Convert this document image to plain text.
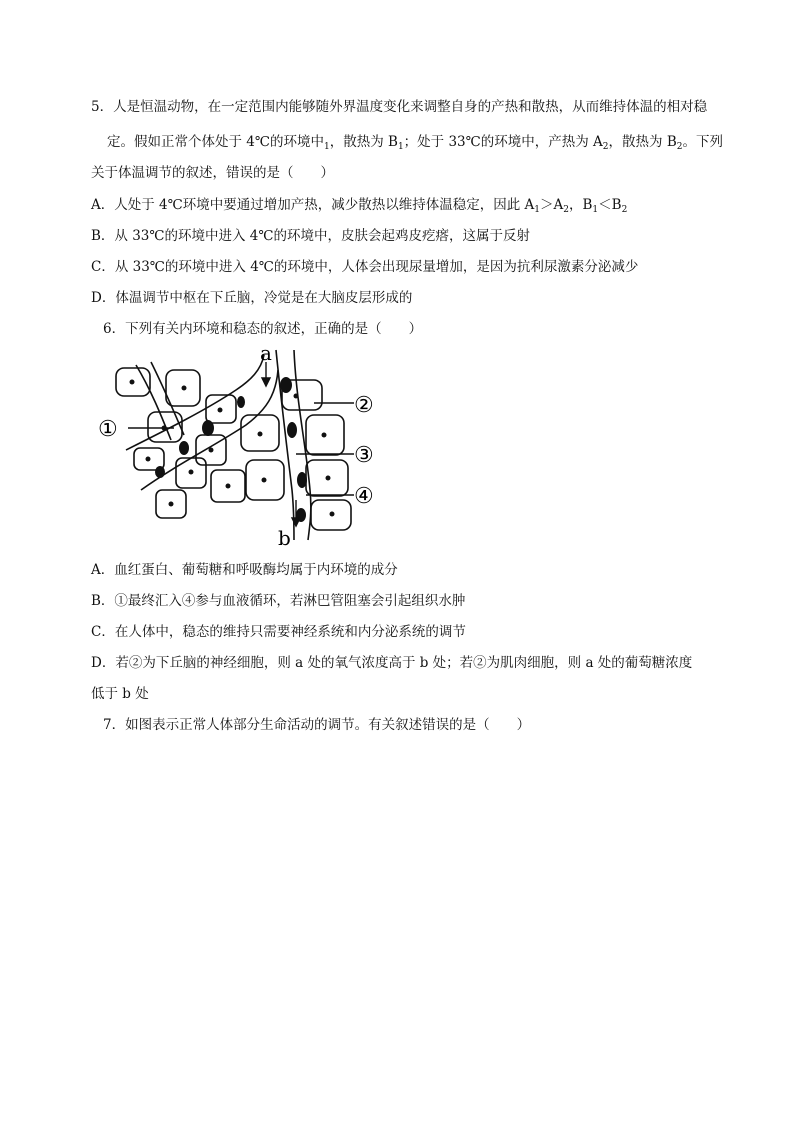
5．人是恒温动物，在一定范围内能够随外界温度变化来调整自身的产热和散热，从而维持体温的相对稳
定。假如正常个体处于 4℃的环境中$_1$，散热为 $B_1$；处于 33℃的环境中，产热为 $A_2$，散热为 $B_2$。下列
关于体温调节的叙述，错误的是（　　）
A．人处于 4℃环境中要通过增加产热，减少散热以维持体温稳定，因此 $A_1>A_2$，$B_1<B_2$
B．从 33℃的环境中进入 4℃的环境中，皮肤会起鸡皮疙瘩，这属于反射
C．从 33℃的环境中进入 4℃的环境中，人体会出现尿量增加，是因为抗利尿激素分泌减少
D．体温调节中枢在下丘脑，冷觉是在大脑皮层形成的
6．下列有关内环境和稳态的叙述，正确的是（　　）
a
b
①
②
③
④
A．血红蛋白、葡萄糖和呼吸酶均属于内环境的成分
B．①最终汇入④参与血液循环，若淋巴管阻塞会引起组织水肿
C．在人体中，稳态的维持只需要神经系统和内分泌系统的调节
D．若②为下丘脑的神经细胞，则 a 处的氧气浓度高于 b 处；若②为肌肉细胞，则 a 处的葡萄糖浓度
低于 b 处
7．如图表示正常人体部分生命活动的调节。有关叙述错误的是（　　）
